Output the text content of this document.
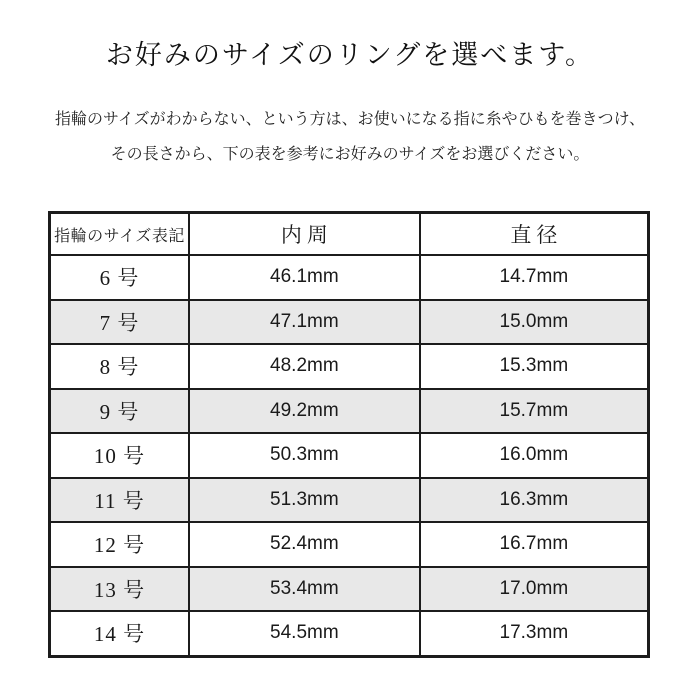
お好みのサイズのリングを選べます。
指輪のサイズがわからない、という方は、お使いになる指に糸やひもを巻きつけ、
その長さから、下の表を参考にお好みのサイズをお選びください。
指輪のサイズ表記	内周	直径
6 号	46.1mm	14.7mm
7 号	47.1mm	15.0mm
8 号	48.2mm	15.3mm
9 号	49.2mm	15.7mm
10 号	50.3mm	16.0mm
11 号	51.3mm	16.3mm
12 号	52.4mm	16.7mm
13 号	53.4mm	17.0mm
14 号	54.5mm	17.3mm
